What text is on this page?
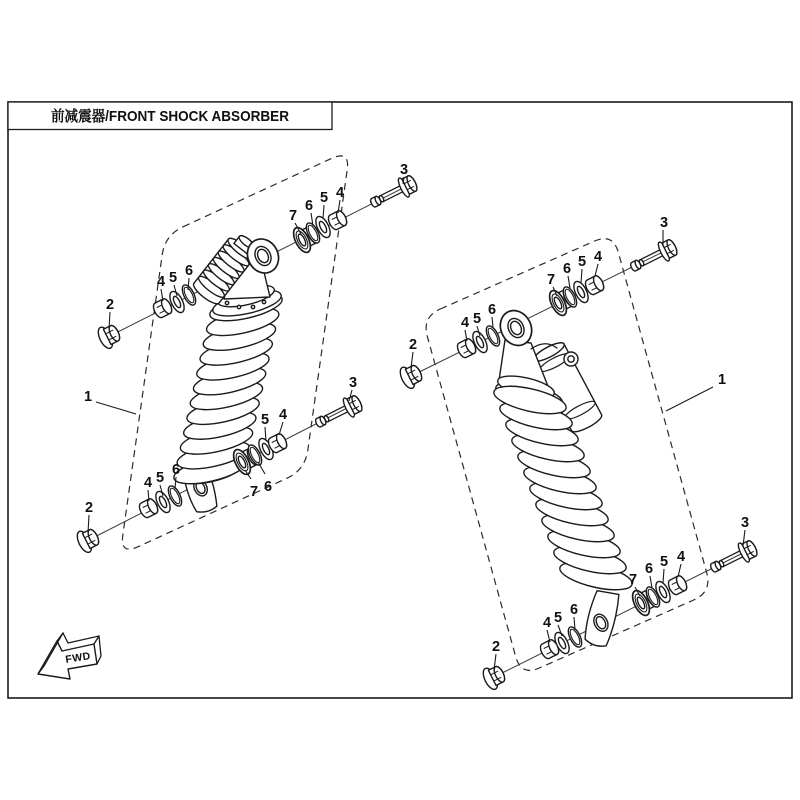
前减震器/FRONT SHOCK ABSORBER
1
2
4 5 6
7
6 5 4
3
2
4 5 6
7 6
5 4
3	1
2
4 5
6
7
6 5 4
3
2
4 5 6
7
6 5 4
3
FWD
